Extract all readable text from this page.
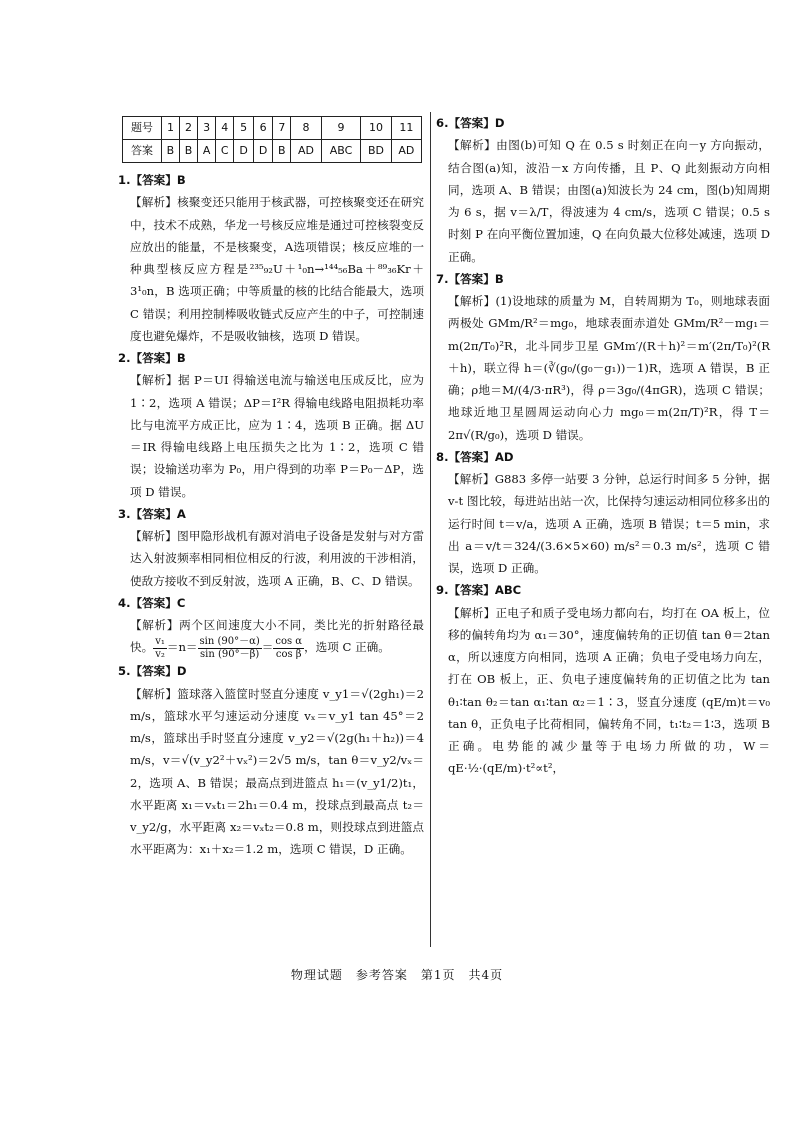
题号	1	2	3	4	5	6	7	8	9	10	11
答案	B	B	A	C	D	D	B	AD	ABC	BD	AD
1.【答案】B

【解析】核聚变还只能用于核武器，可控核聚变还在研究中，技术不成熟，华龙一号核反应堆是通过可控核裂变反应放出的能量，不是核聚变，A选项错误；核反应堆的一种典型核反应方程是²³⁵₉₂U＋¹₀n→¹⁴⁴₅₆Ba＋⁸⁹₃₆Kr＋3¹₀n，B 选项正确；中等质量的核的比结合能最大，选项 C 错误；利用控制棒吸收链式反应产生的中子，可控制速度也避免爆炸，不是吸收铀核，选项 D 错误。

2.【答案】B

【解析】据 P＝UI 得输送电流与输送电压成反比，应为 1∶2，选项 A 错误；ΔP＝I²R 得输电线路电阻损耗功率比与电流平方成正比，应为 1∶4，选项 B 正确。据 ΔU＝IR 得输电线路上电压损失之比为 1∶2，选项 C 错误；设输送功率为 P₀，用户得到的功率 P＝P₀－ΔP，选项 D 错误。

3.【答案】A

【解析】图甲隐形战机有源对消电子设备是发射与对方雷达入射波频率相同相位相反的行波，利用波的干涉相消，使敌方接收不到反射波，选项 A 正确，B、C、D 错误。

4.【答案】C

【解析】两个区间速度大小不同，类比光的折射路径最快。 $\frac{\text{v₁}}{\text{v₂}} =n= \frac{\sin (90^\circ-\alpha)}{\sin (90^\circ-\beta)} = \frac{\text{cos α}}{\text{cos β}}$ ，选项 C 正确。

5.【答案】D

【解析】篮球落入篮筐时竖直分速度 v_y1＝√(2gh₁)＝2 m/s，篮球水平匀速运动分速度 vₓ＝v_y1 tan 45°＝2 m/s，篮球出手时竖直分速度 v_y2＝√(2g(h₁＋h₂))＝4 m/s，v＝√(v_y2²＋vₓ²)＝2√5 m/s，tan θ＝v_y2/vₓ＝2，选项 A、B 错误；最高点到进篮点 h₁＝(v_y1/2)t₁，水平距离 x₁＝vₓt₁＝2h₁＝0.4 m，投球点到最高点 t₂＝v_y2/g，水平距离 x₂＝vₓt₂＝0.8 m，则投球点到进篮点水平距离为：x₁＋x₂＝1.2 m，选项 C 错误，D 正确。

6.【答案】D

【解析】由图(b)可知 Q 在 0.5 s 时刻正在向－y 方向振动，结合图(a)知，波沿－x 方向传播，且 P、Q 此刻振动方向相同，选项 A、B 错误；由图(a)知波长为 24 cm，图(b)知周期为 6 s，据 v＝λ/T，得波速为 4 cm/s，选项 C 错误；0.5 s 时刻 P 在向平衡位置加速，Q 在向负最大位移处减速，选项 D 正确。

7.【答案】B

【解析】(1)设地球的质量为 M，自转周期为 T₀，则地球表面两极处 GMm/R²＝mg₀，地球表面赤道处 GMm/R²－mg₁＝m(2π/T₀)²R，北斗同步卫星 GMm′/(R＋h)²＝m′(2π/T₀)²(R＋h)，联立得 h＝(∛(g₀/(g₀－g₁))－1)R，选项 A 错误，B 正确；ρ地＝M/(4/3·πR³)，得 ρ＝3g₀/(4πGR)，选项 C 错误；地球近地卫星圆周运动向心力 mg₀＝m(2π/T)²R，得 T＝2π√(R/g₀)，选项 D 错误。

8.【答案】AD

【解析】G883 多停一站要 3 分钟，总运行时间多 5 分钟，据 v-t 图比较，每进站出站一次，比保持匀速运动相同位移多出的运行时间 t＝v/a，选项 A 正确，选项 B 错误；t＝5 min，求出 a＝v/t＝324/(3.6×5×60) m/s²＝0.3 m/s²，选项 C 错误，选项 D 正确。

9.【答案】ABC

【解析】正电子和质子受电场力都向右，均打在 OA 板上，位移的偏转角均为 α₁＝30°，速度偏转角的正切值 tan θ＝2tan α，所以速度方向相同，选项 A 正确；负电子受电场力向左，打在 OB 板上，正、负电子速度偏转角的正切值之比为 tan θ₁∶tan θ₂＝tan α₁∶tan α₂＝1∶3，竖直分速度 (qE/m)t＝v₀ tan θ，正负电子比荷相同，偏转角不同，t₁∶t₂＝1∶3，选项 B 正确。电势能的减少量等于电场力所做的功，W＝qE·½·(qE/m)·t²∝t²，

物理试题　参考答案　第1页　共4页
